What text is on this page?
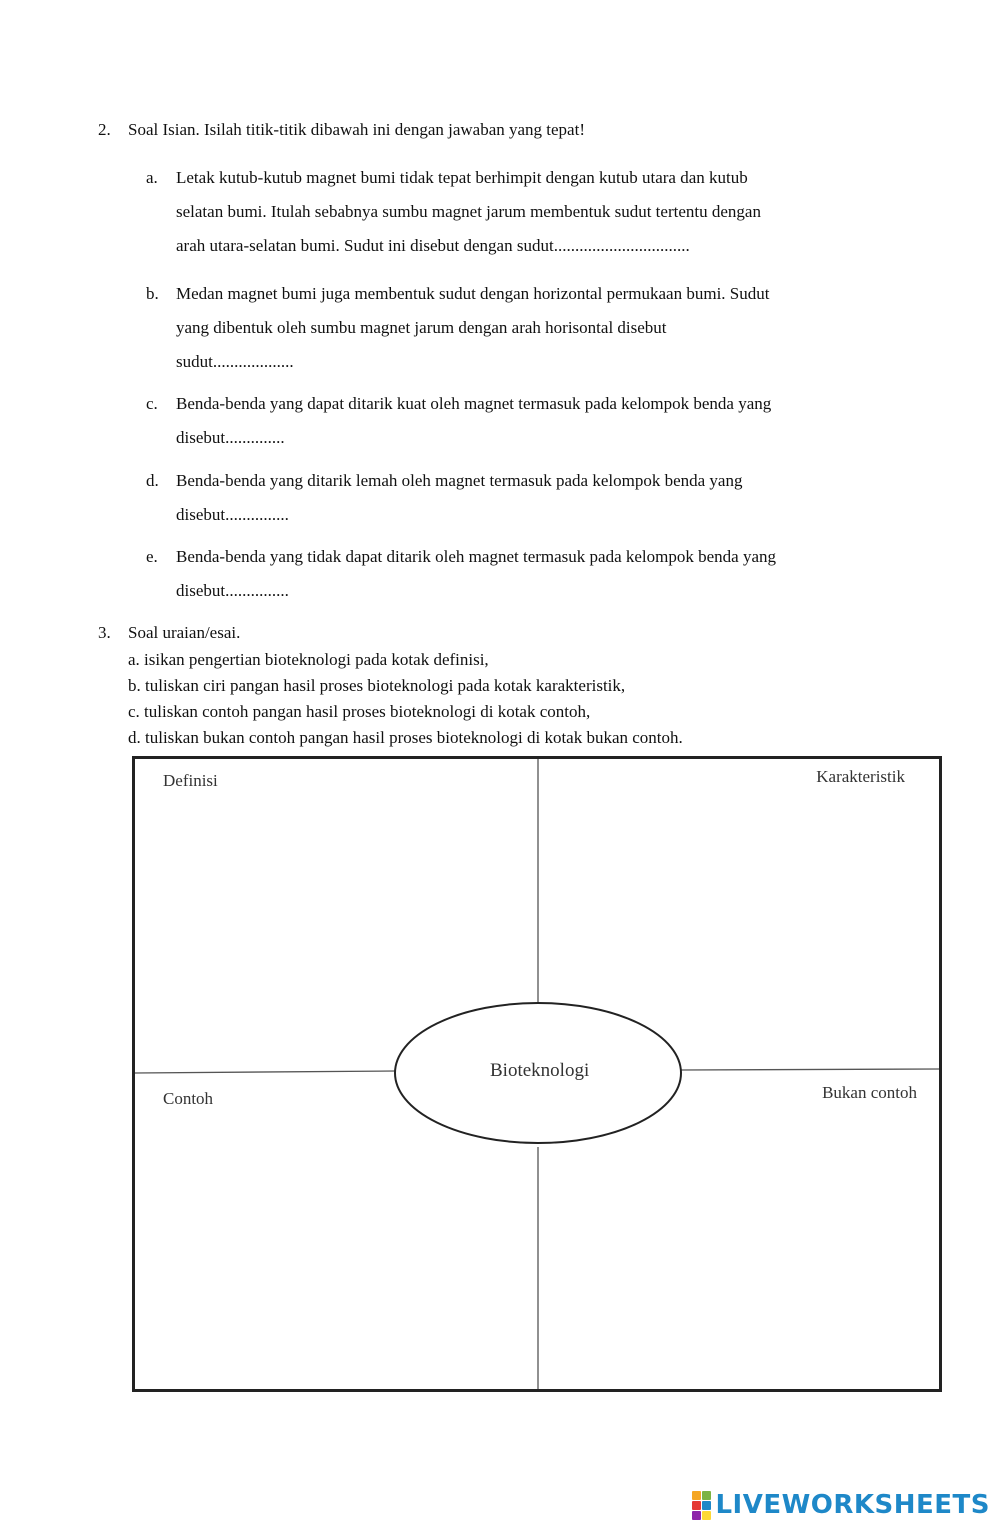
2. Soal Isian. Isilah titik-titik dibawah ini dengan jawaban yang tepat!
a. Letak kutub-kutub magnet bumi tidak tepat berhimpit dengan kutub utara dan kutub
selatan bumi. Itulah sebabnya sumbu magnet jarum membentuk sudut tertentu dengan
arah utara-selatan bumi. Sudut ini disebut dengan sudut................................
b. Medan magnet bumi juga membentuk sudut dengan horizontal permukaan bumi. Sudut
yang dibentuk oleh sumbu magnet jarum dengan arah horisontal disebut
sudut...................
c. Benda-benda yang dapat ditarik kuat oleh magnet termasuk pada kelompok benda yang
disebut..............
d. Benda-benda yang ditarik lemah oleh magnet termasuk pada kelompok benda yang
disebut...............
e. Benda-benda yang tidak dapat ditarik oleh magnet termasuk pada kelompok benda yang
disebut...............
3. Soal uraian/esai.
a. isikan pengertian bioteknologi pada kotak definisi,
b. tuliskan ciri pangan hasil proses bioteknologi pada kotak karakteristik,
c. tuliskan contoh pangan hasil proses bioteknologi di kotak contoh,
d. tuliskan bukan contoh pangan hasil proses bioteknologi di kotak bukan contoh.
Definisi	Karakteristik
Contoh	Bukan contoh
Bioteknologi
LIVEWORKSHEETS
